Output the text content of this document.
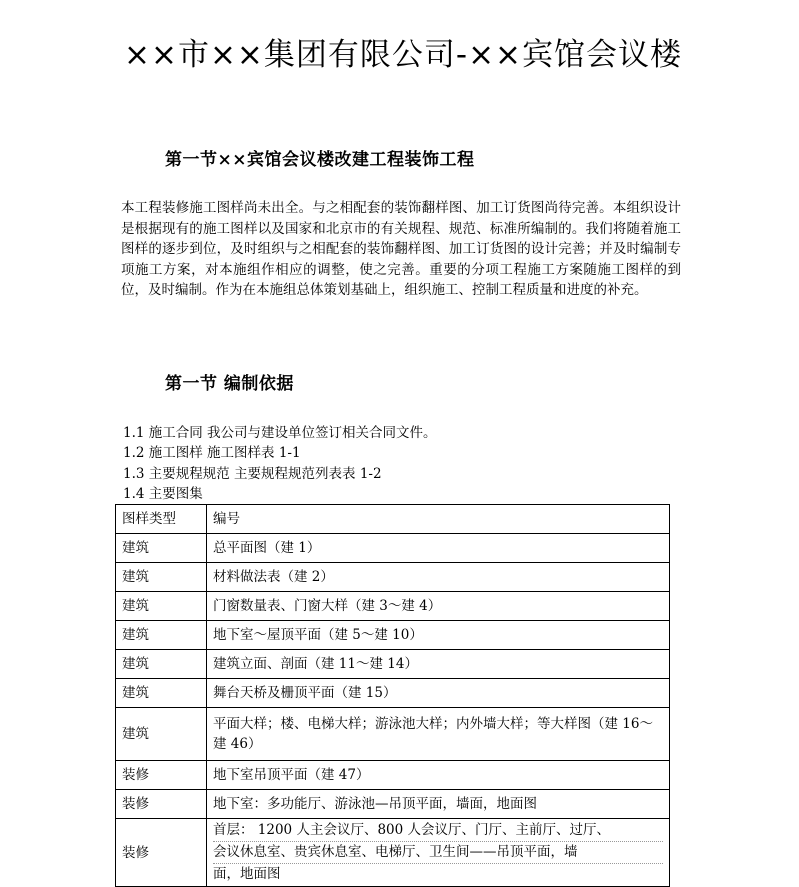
××市××集团有限公司-××宾馆会议楼
第一节××宾馆会议楼改建工程装饰工程
本工程装修施工图样尚未出全。与之相配套的装饰翻样图、加工订货图尚待完善。本组织设计是根据现有的施工图样以及国家和北京市的有关规程、规范、标准所编制的。我们将随着施工图样的逐步到位，及时组织与之相配套的装饰翻样图、加工订货图的设计完善；并及时编制专项施工方案，对本施组作相应的调整，使之完善。重要的分项工程施工方案随施工图样的到位，及时编制。作为在本施组总体策划基础上，组织施工、控制工程质量和进度的补充。
第一节 编制依据
1.1 施工合同 我公司与建设单位签订相关合同文件。
1.2 施工图样 施工图样表 1-1
1.3 主要规程规范 主要规程规范列表表 1-2
1.4 主要图集
图样类型	编号
建筑	总平面图（建 1）
建筑	材料做法表（建 2）
建筑	门窗数量表、门窗大样（建 3～建 4）
建筑	地下室～屋顶平面（建 5～建 10）
建筑	建筑立面、剖面（建 11～建 14）
建筑	舞台天桥及栅顶平面（建 15）
建筑	平面大样；楼、电梯大样；游泳池大样；内外墙大样；等大样图（建 16～建 46）
装修	地下室吊顶平面（建 47）
装修	地下室：多功能厅、游泳池—吊顶平面，墙面，地面图
装修	首层： 1200 人主会议厅、800 人会议厅、门厅、主前厅、过厅、
会议休息室、贵宾休息室、电梯厅、卫生间——吊顶平面，墙
面，地面图
